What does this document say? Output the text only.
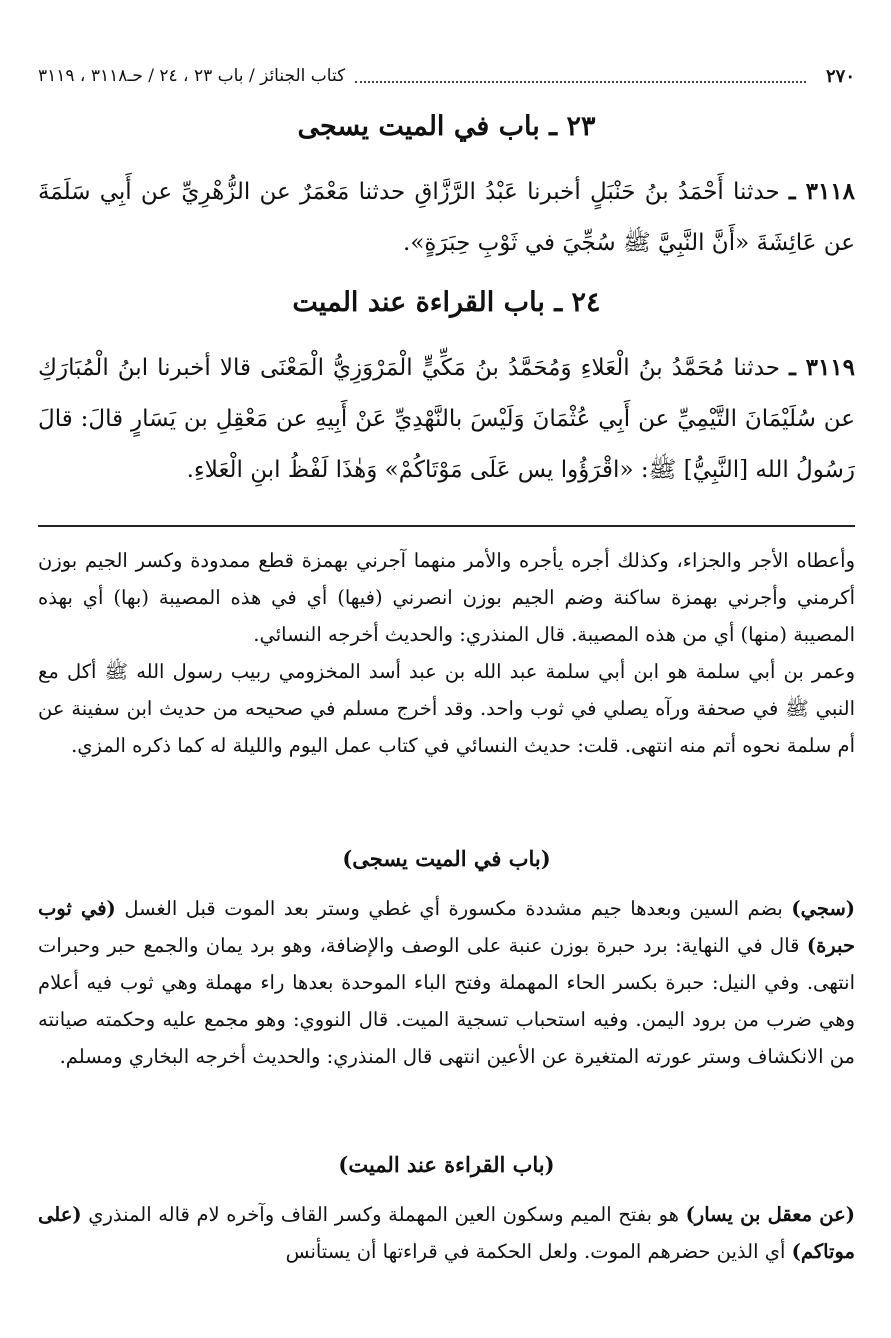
٢٧٠
كتاب الجنائز / باب ٢٣ ، ٢٤ / حـ٣١١٨ ، ٣١١٩
٢٣ ـ باب في الميت يسجى
٣١١٨ ـ حدثنا أَحْمَدُ بنُ حَنْبَلٍ أخبرنا عَبْدُ الرَّزَّاقِ حدثنا مَعْمَرٌ عن الزُّهْرِيِّ عن أَبِي سَلَمَةَ عن عَائِشَةَ «أَنَّ النَّبِيَّ ﷺ سُجِّيَ في ثَوْبِ حِبَرَةٍ».
٢٤ ـ باب القراءة عند الميت
٣١١٩ ـ حدثنا مُحَمَّدُ بنُ الْعَلاءِ وَمُحَمَّدُ بنُ مَكِّيٍّ الْمَرْوَزِيُّ الْمَعْنَى قالا أخبرنا ابنُ الْمُبَارَكِ عن سُلَيْمَانَ التَّيْمِيِّ عن أَبِي عُثْمَانَ وَلَيْسَ بالنَّهْدِيِّ عَنْ أَبِيهِ عن مَعْقِلِ بن يَسَارٍ قالَ: قالَ رَسُولُ الله [النَّبِيُّ] ﷺ: «اقْرَؤُوا يس عَلَى مَوْتَاكُمْ» وَهٰذَا لَفْظُ ابنِ الْعَلاءِ.
وأعطاه الأجر والجزاء، وكذلك أجره يأجره والأمر منهما آجرني بهمزة قطع ممدودة وكسر الجيم بوزن أكرمني وأجرني بهمزة ساكنة وضم الجيم بوزن انصرني (فيها) أي في هذه المصيبة (بها) أي بهذه المصيبة (منها) أي من هذه المصيبة. قال المنذري: والحديث أخرجه النسائي.
وعمر بن أبي سلمة هو ابن أبي سلمة عبد الله بن عبد أسد المخزومي ربيب رسول الله ﷺ أكل مع النبي ﷺ في صحفة ورآه يصلي في ثوب واحد. وقد أخرج مسلم في صحيحه من حديث ابن سفينة عن أم سلمة نحوه أتم منه انتهى. قلت: حديث النسائي في كتاب عمل اليوم والليلة له كما ذكره المزي.
(باب في الميت يسجى)
(سجي) بضم السين وبعدها جيم مشددة مكسورة أي غطي وستر بعد الموت قبل الغسل (في ثوب حبرة) قال في النهاية: برد حبرة بوزن عنبة على الوصف والإضافة، وهو برد يمان والجمع حبر وحبرات انتهى. وفي النيل: حبرة بكسر الحاء المهملة وفتح الباء الموحدة بعدها راء مهملة وهي ثوب فيه أعلام وهي ضرب من برود اليمن. وفيه استحباب تسجية الميت. قال النووي: وهو مجمع عليه وحكمته صيانته من الانكشاف وستر عورته المتغيرة عن الأعين انتهى قال المنذري: والحديث أخرجه البخاري ومسلم.
(باب القراءة عند الميت)
(عن معقل بن يسار) هو بفتح الميم وسكون العين المهملة وكسر القاف وآخره لام قاله المنذري (على موتاكم) أي الذين حضرهم الموت. ولعل الحكمة في قراءتها أن يستأنس
